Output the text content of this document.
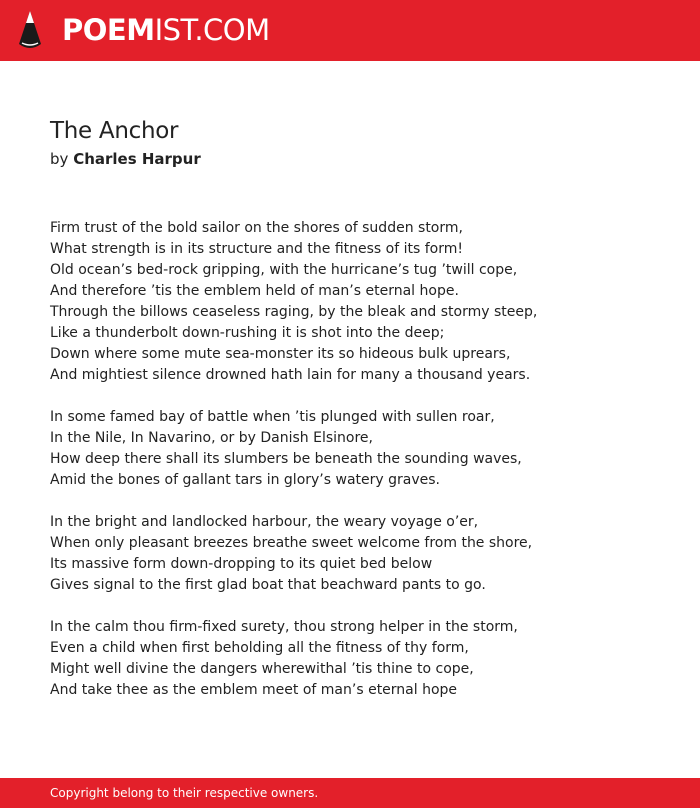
POEMIST.COM
The Anchor
by Charles Harpur
Firm trust of the bold sailor on the shores of sudden storm,
What strength is in its structure and the fitness of its form!
Old ocean’s bed-rock gripping, with the hurricane’s tug ’twill cope,
And therefore ’tis the emblem held of man’s eternal hope.
Through the billows ceaseless raging, by the bleak and stormy steep,
Like a thunderbolt down-rushing it is shot into the deep;
Down where some mute sea-monster its so hideous bulk uprears,
And mightiest silence drowned hath lain for many a thousand years.
In some famed bay of battle when ’tis plunged with sullen roar,
In the Nile, In Navarino, or by Danish Elsinore,
How deep there shall its slumbers be beneath the sounding waves,
Amid the bones of gallant tars in glory’s watery graves.
In the bright and landlocked harbour, the weary voyage o’er,
When only pleasant breezes breathe sweet welcome from the shore,
Its massive form down-dropping to its quiet bed below
Gives signal to the first glad boat that beachward pants to go.
In the calm thou firm-fixed surety, thou strong helper in the storm,
Even a child when first beholding all the fitness of thy form,
Might well divine the dangers wherewithal ’tis thine to cope,
And take thee as the emblem meet of man’s eternal hope
Copyright belong to their respective owners.
